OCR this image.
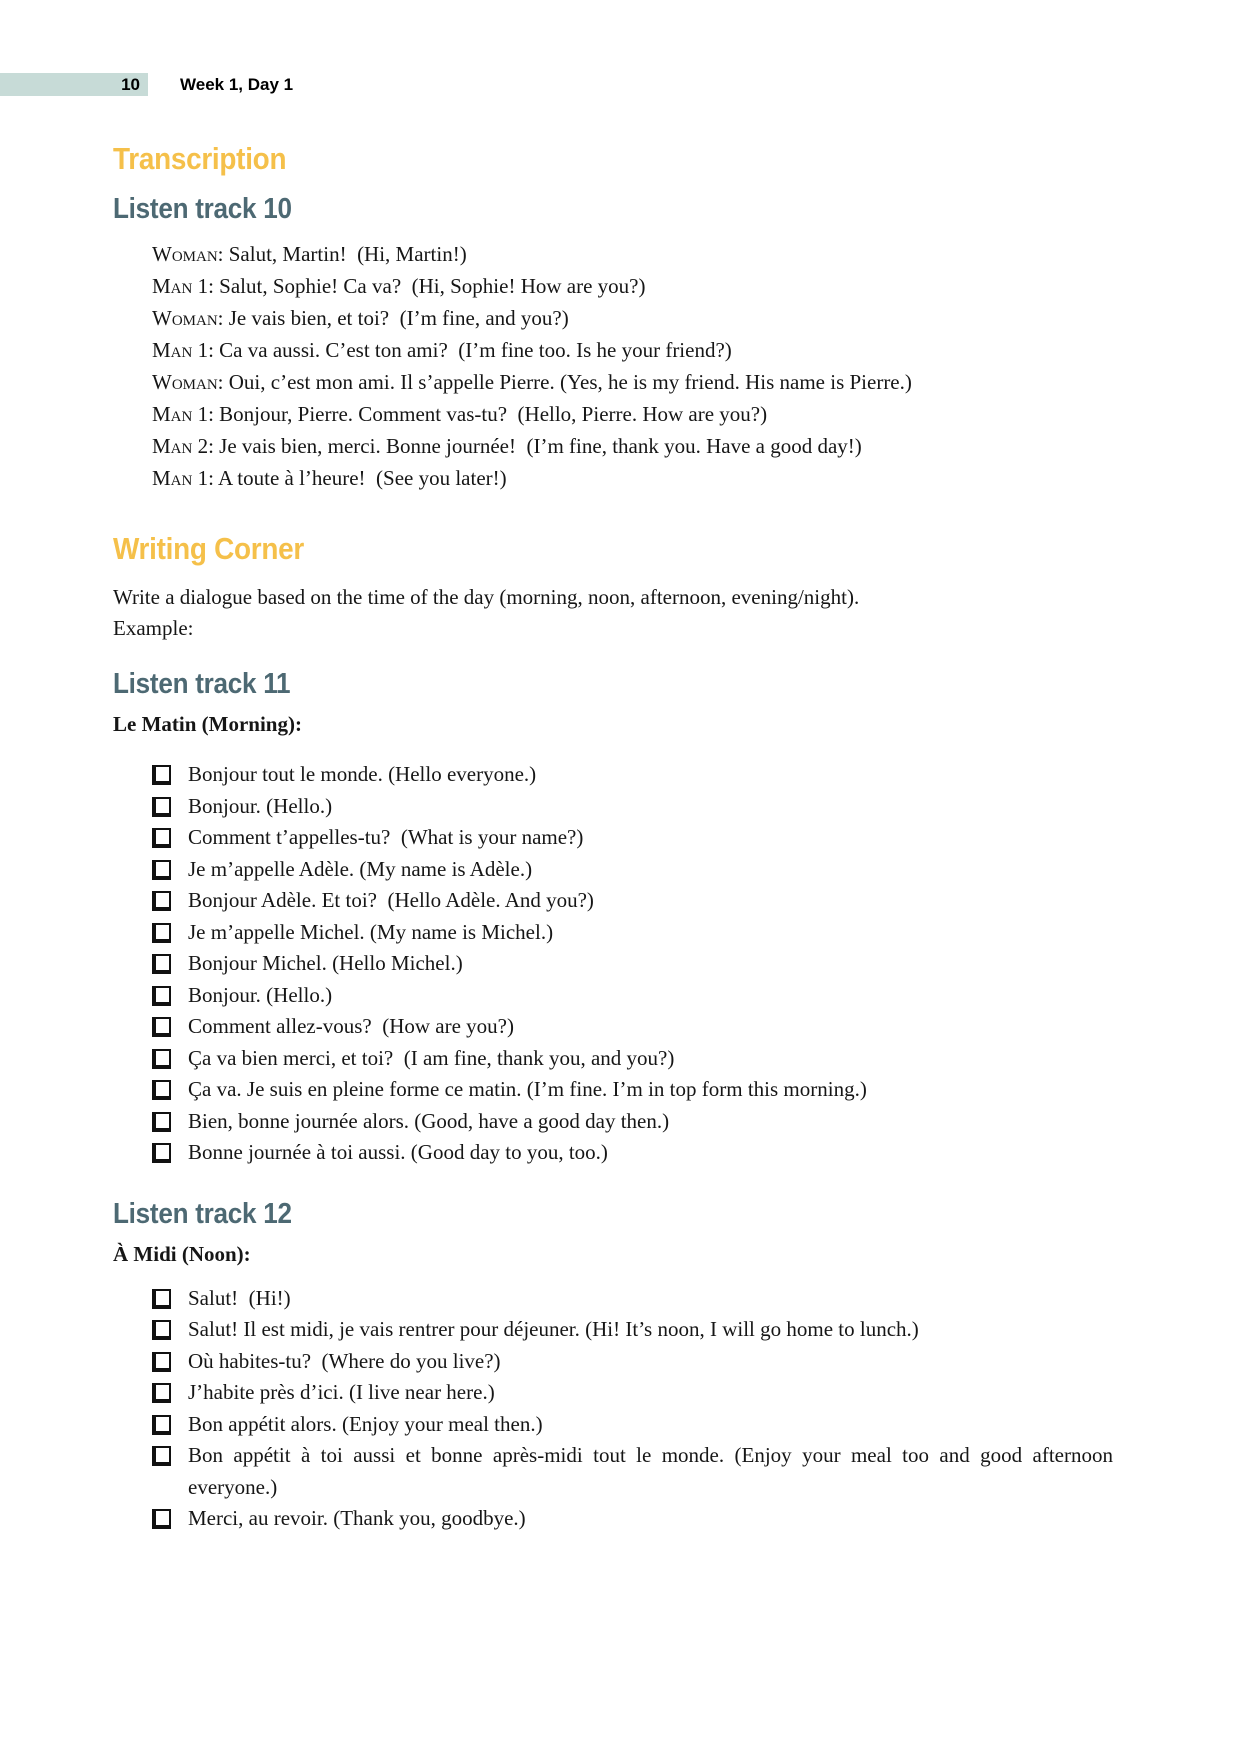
10 Week 1, Day 1
Transcription
Listen track 10
Woman: Salut, Martin!  (Hi, Martin!)
Man 1: Salut, Sophie! Ca va?  (Hi, Sophie! How are you?)
Woman: Je vais bien, et toi?  (I’m fine, and you?)
Man 1: Ca va aussi. C’est ton ami?  (I’m fine too. Is he your friend?)
Woman: Oui, c’est mon ami. Il s’appelle Pierre. (Yes, he is my friend. His name is Pierre.)
Man 1: Bonjour, Pierre. Comment vas-tu?  (Hello, Pierre. How are you?)
Man 2: Je vais bien, merci. Bonne journée!  (I’m fine, thank you. Have a good day!)
Man 1: A toute à l’heure!  (See you later!)
Writing Corner
Write a dialogue based on the time of the day (morning, noon, afternoon, evening/night).
Example:
Listen track 11
Le Matin (Morning):
Bonjour tout le monde. (Hello everyone.)
Bonjour. (Hello.)
Comment t’appelles-tu?  (What is your name?)
Je m’appelle Adèle. (My name is Adèle.)
Bonjour Adèle. Et toi?  (Hello Adèle. And you?)
Je m’appelle Michel. (My name is Michel.)
Bonjour Michel. (Hello Michel.)
Bonjour. (Hello.)
Comment allez-vous?  (How are you?)
Ça va bien merci, et toi?  (I am fine, thank you, and you?)
Ça va. Je suis en pleine forme ce matin. (I’m fine. I’m in top form this morning.)
Bien, bonne journée alors. (Good, have a good day then.)
Bonne journée à toi aussi. (Good day to you, too.)
Listen track 12
À Midi (Noon):
Salut!  (Hi!)
Salut! Il est midi, je vais rentrer pour déjeuner. (Hi! It’s noon, I will go home to lunch.)
Où habites-tu?  (Where do you live?)
J’habite près d’ici. (I live near here.)
Bon appétit alors. (Enjoy your meal then.)
Bon appétit à toi aussi et bonne après-midi tout le monde. (Enjoy your meal too and good afternoon everyone.)
Merci, au revoir. (Thank you, goodbye.)
